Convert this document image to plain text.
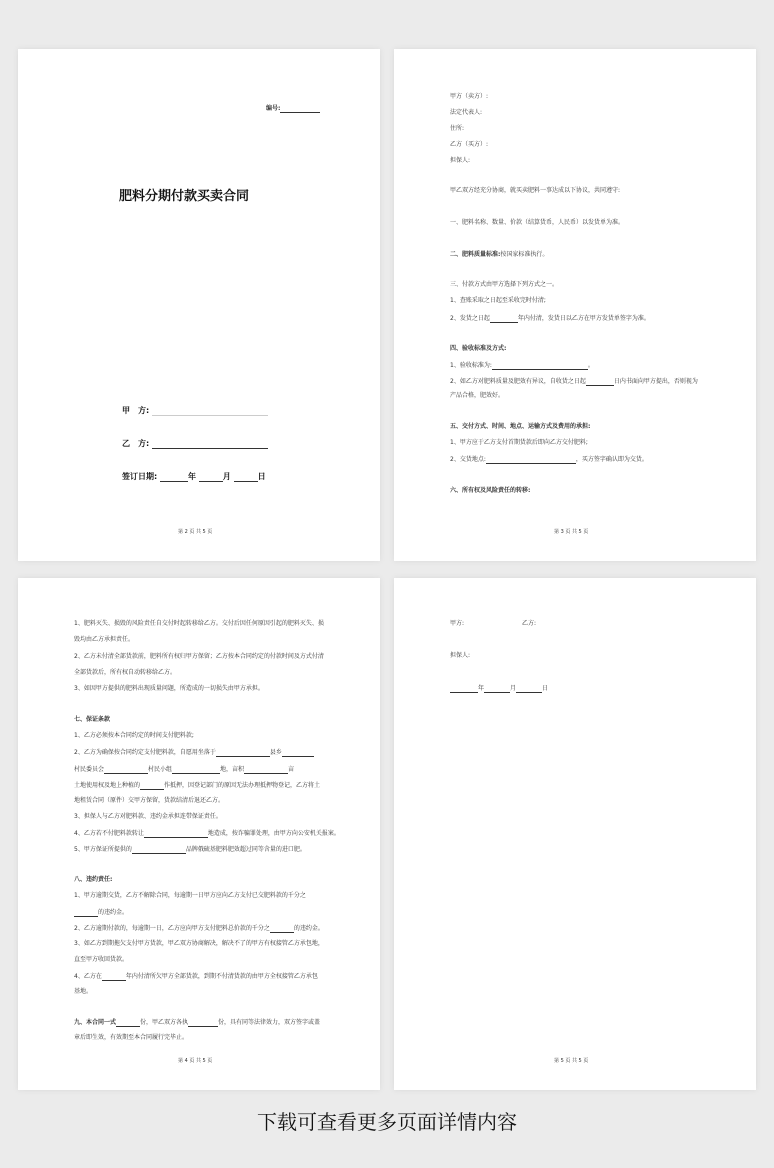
编号:
肥料分期付款买卖合同
甲　方:
乙　方:
签订日期:	年	月	日
第 2 页 共 5 页
甲方（卖方）:
法定代表人:
住所:
乙方（买方）:
担保人:
甲乙双方经充分协商，就买卖肥料一事达成以下协议，共同遵守:
一、肥料名称、数量、价款（结算货币，人民币）以发货单为准。
二、肥料质量标准:按国家标准执行。
三、付款方式由甲方选择下列方式之一。
1、查账采取之日起至采收完时付清;
2、发货之日起	年内付清，发货日以乙方在甲方发货单签字为准。
四、验收标准及方式:
1、验收标准为:	。
2、如乙方对肥料质量及肥效有异议，自收货之日起	日内书面向甲方提出，否则视为
产品合格，肥效好。
五、交付方式、时间、地点、运输方式及费用的承担:
1、甲方应于乙方支付首期货款后即向乙方交付肥料;
2、交货地点:	，买方签字确认即为交货。
六、所有权及风险责任的转移:
第 3 页 共 5 页
1、肥料灭失、损毁的风险责任自交付时起转移给乙方。交付后因任何原因引起的肥料灭失、损
毁均由乙方承担责任。
2、乙方未付清全部货款前，肥料所有权归甲方保留；乙方按本合同约定的付款时间及方式付清
全部货款后，所有权自动转移给乙方。
3、如因甲方提供的肥料出现质量问题，所造成的一切损失由甲方承担。
七、保证条款
1、乙方必须按本合同约定的时间支付肥料款;
2、乙方为确保按合同约定支付肥料款，自愿用坐落于	县乡
村民委员会	村民小组	地，亩积	亩
土地使用权及地上种植的	作抵押，因登记部门的原因无法办理抵押物登记，乙方将土
地租赁合同（原件）交甲方保留，货款结清后退还乙方。
3、担保人与乙方对肥料款、违约金承担连带保证责任。
4、乙方若不付肥料款转让	地造成，按诈骗罪处理，由甲方向公安机关报案。
5、甲方保证所提供的	品牌俄硫基肥料肥效超过同等含量的进口肥。
八、违约责任:
1、甲方逾期交货，乙方不解除合同，每逾期一日甲方应向乙方支付已交肥料款的千分之
的违约金。
2、乙方逾期付款的，每逾期一日，乙方应向甲方支付肥料总价款的千分之	的违约金。
3、如乙方到期拖欠支付甲方货款，甲乙双方协商解决，解决不了的甲方有权接管乙方承包地，
直至甲方收回货款。
4、乙方在	年内付清所欠甲方全部货款，到期不付清货款的由甲方全权接管乙方承包
基地。
九、本合同一式	份，甲乙双方各执	份，具有同等法律效力，双方签字或盖
章后即生效，有效期至本合同履行完毕止。
第 4 页 共 5 页
甲方:	乙方:
担保人:
年	月	日
第 5 页 共 5 页
下载可查看更多页面详情内容
